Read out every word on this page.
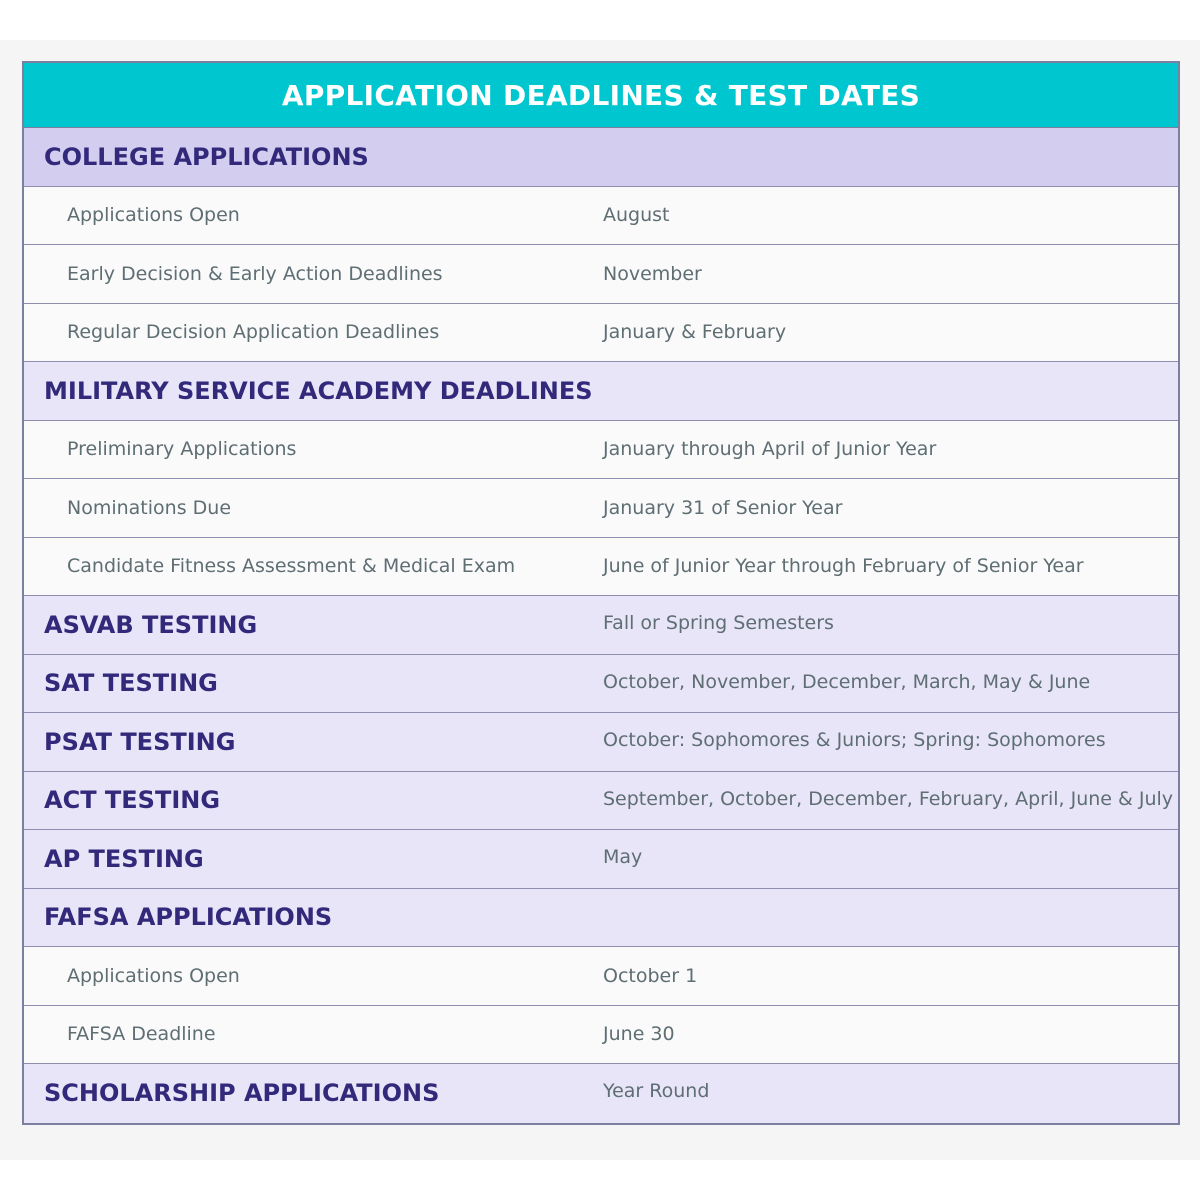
APPLICATION DEADLINES & TEST DATES
COLLEGE APPLICATIONS
Applications Open	August
Early Decision & Early Action Deadlines	November
Regular Decision Application Deadlines	January & February
MILITARY SERVICE ACADEMY DEADLINES
Preliminary Applications	January through April of Junior Year
Nominations Due	January 31 of Senior Year
Candidate Fitness Assessment & Medical Exam	June of Junior Year through February of Senior Year
ASVAB TESTING	Fall or Spring Semesters
SAT TESTING	October, November, December, March, May & June
PSAT TESTING	October: Sophomores & Juniors; Spring: Sophomores
ACT TESTING	September, October, December, February, April, June & July
AP TESTING	May
FAFSA APPLICATIONS
Applications Open	October 1
FAFSA Deadline	June 30
SCHOLARSHIP APPLICATIONS	Year Round
